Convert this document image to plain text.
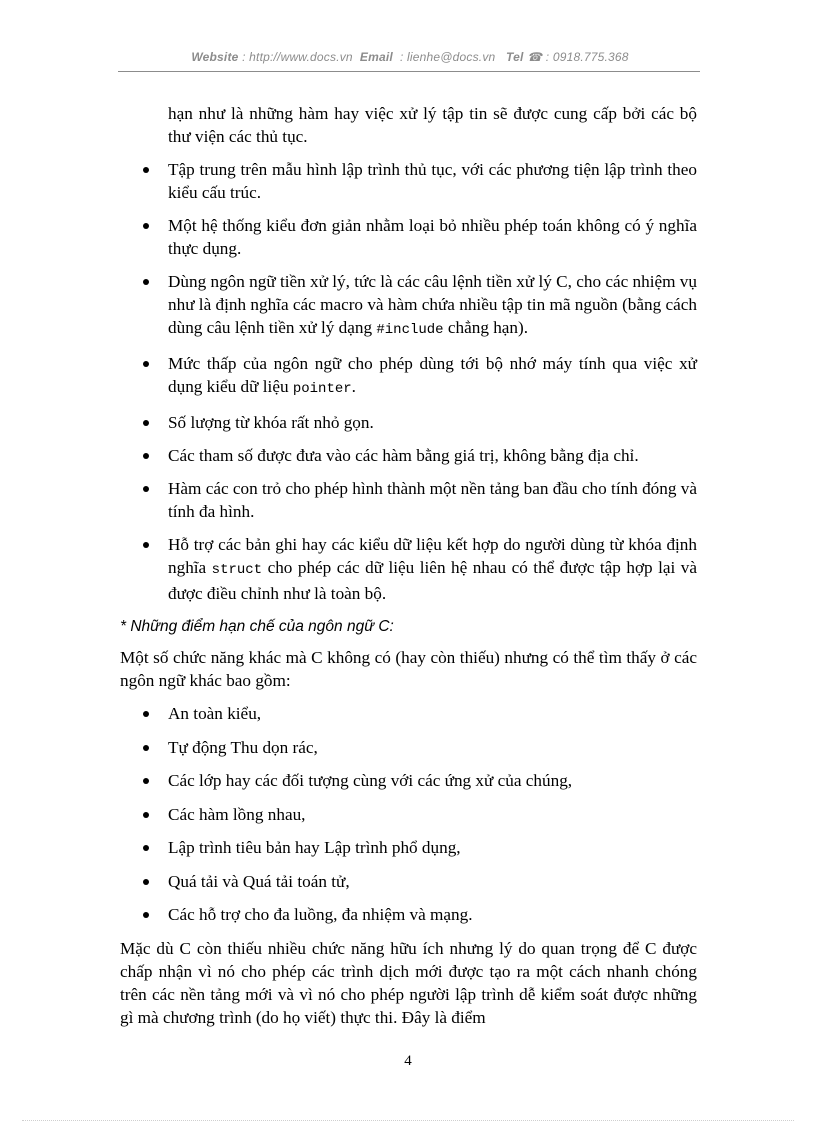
Website : http://www.docs.vn Email : lienhe@docs.vn Tel ☎ : 0918.775.368
hạn như là những hàm hay việc xử lý tập tin sẽ được cung cấp bởi các bộ thư viện các thủ tục.
Tập trung trên mẫu hình lập trình thủ tục, với các phương tiện lập trình theo kiểu cấu trúc.
Một hệ thống kiểu đơn giản nhằm loại bỏ nhiều phép toán không có ý nghĩa thực dụng.
Dùng ngôn ngữ tiền xử lý, tức là các câu lệnh tiền xử lý C, cho các nhiệm vụ như là định nghĩa các macro và hàm chứa nhiều tập tin mã nguồn (bằng cách dùng câu lệnh tiền xử lý dạng #include chẳng hạn).
Mức thấp của ngôn ngữ cho phép dùng tới bộ nhớ máy tính qua việc xử dụng kiểu dữ liệu pointer.
Số lượng từ khóa rất nhỏ gọn.
Các tham số được đưa vào các hàm bằng giá trị, không bằng địa chỉ.
Hàm các con trỏ cho phép hình thành một nền tảng ban đầu cho tính đóng và tính đa hình.
Hỗ trợ các bản ghi hay các kiểu dữ liệu kết hợp do người dùng từ khóa định nghĩa struct cho phép các dữ liệu liên hệ nhau có thể được tập hợp lại và được điều chỉnh như là toàn bộ.
* Những điểm hạn chế của ngôn ngữ C:

Một số chức năng khác mà C không có (hay còn thiếu) nhưng có thể tìm thấy ở các ngôn ngữ khác bao gồm:

An toàn kiểu,
Tự động Thu dọn rác,
Các lớp hay các đối tượng cùng với các ứng xử của chúng,
Các hàm lồng nhau,
Lập trình tiêu bản hay Lập trình phổ dụng,
Quá tải và Quá tải toán tử,
Các hỗ trợ cho đa luồng, đa nhiệm và mạng.

Mặc dù C còn thiếu nhiều chức năng hữu ích nhưng lý do quan trọng để C được chấp nhận vì nó cho phép các trình dịch mới được tạo ra một cách nhanh chóng trên các nền tảng mới và vì nó cho phép người lập trình dễ kiểm soát được những gì mà chương trình (do họ viết) thực thi. Đây là điểm

4
